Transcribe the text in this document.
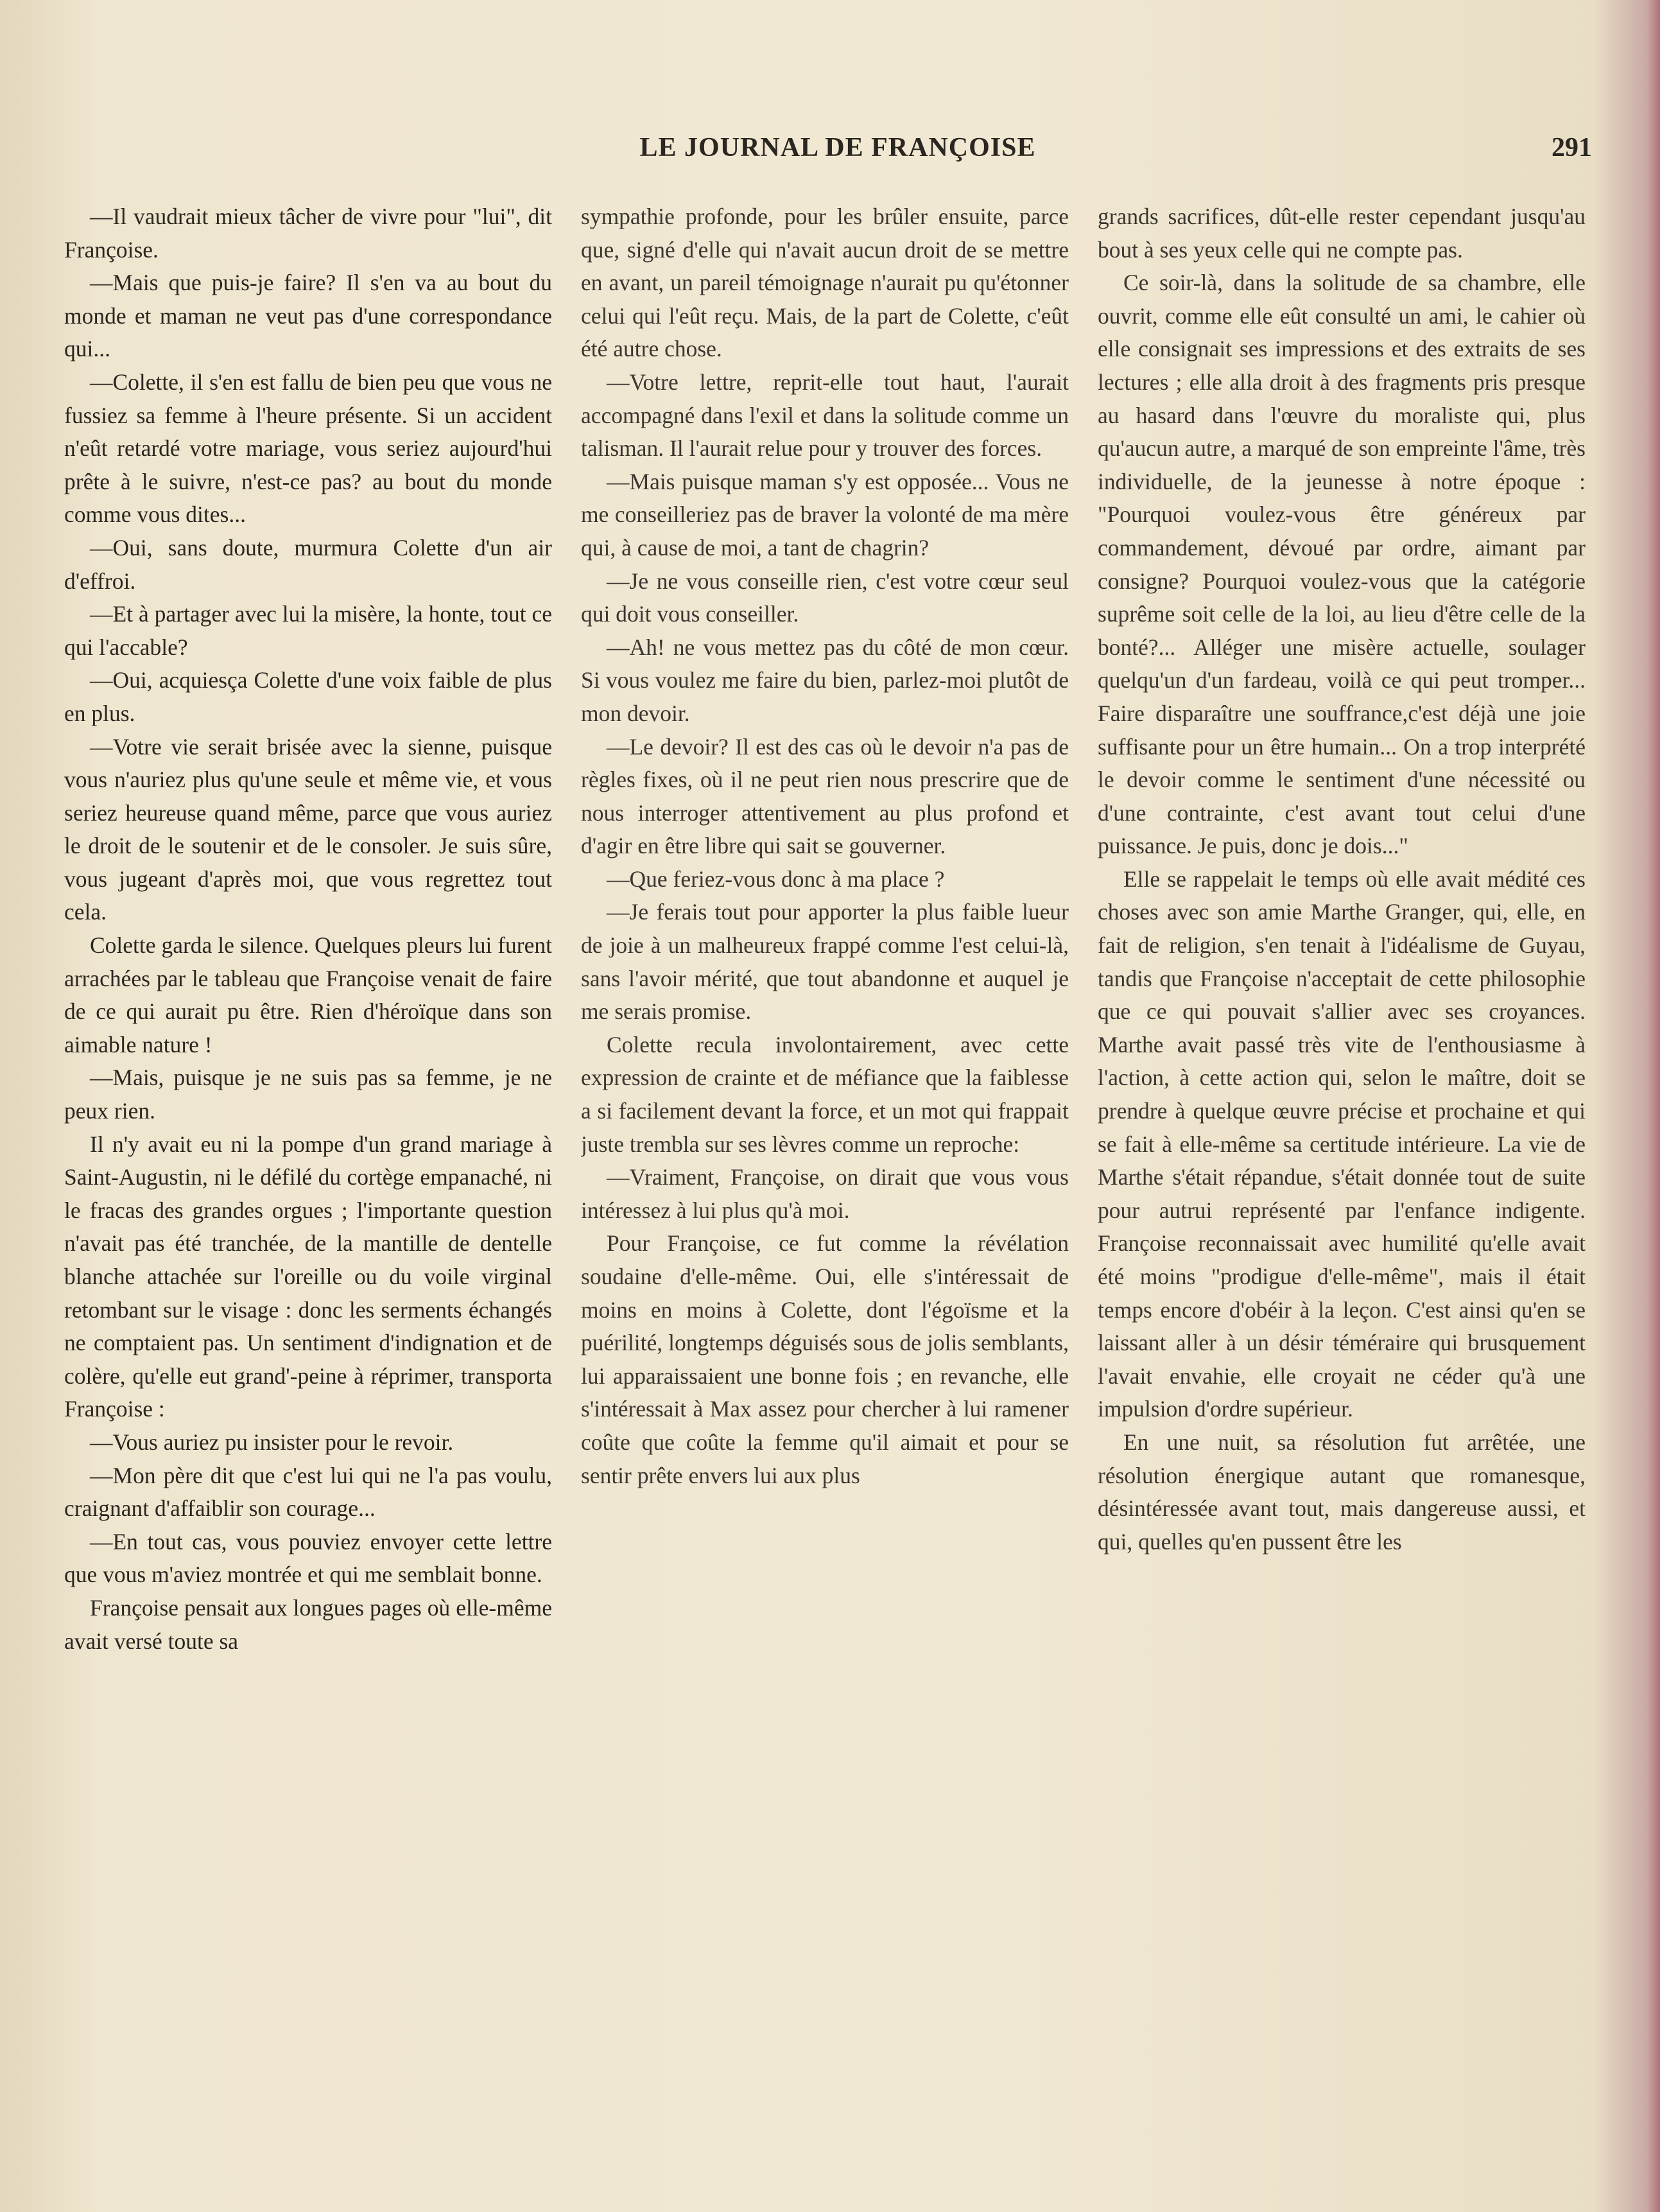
LE JOURNAL DE FRANÇOISE	291

—Il vaudrait mieux tâcher de vivre pour "lui", dit Françoise.

—Mais que puis-je faire? Il s'en va au bout du monde et maman ne veut pas d'une correspondance qui...

—Colette, il s'en est fallu de bien peu que vous ne fussiez sa femme à l'heure présente. Si un accident n'eût retardé votre mariage, vous seriez aujourd'hui prête à le suivre, n'est-ce pas? au bout du monde comme vous dites...

—Oui, sans doute, murmura Colette d'un air d'effroi.

—Et à partager avec lui la misère, la honte, tout ce qui l'accable?

—Oui, acquiesça Colette d'une voix faible de plus en plus.

—Votre vie serait brisée avec la sienne, puisque vous n'auriez plus qu'une seule et même vie, et vous seriez heureuse quand même, parce que vous auriez le droit de le soutenir et de le consoler. Je suis sûre, vous jugeant d'après moi, que vous regrettez tout cela.

Colette garda le silence. Quelques pleurs lui furent arrachées par le tableau que Françoise venait de faire de ce qui aurait pu être. Rien d'héroïque dans son aimable nature !

—Mais, puisque je ne suis pas sa femme, je ne peux rien.

Il n'y avait eu ni la pompe d'un grand mariage à Saint-Augustin, ni le défilé du cortège empanaché, ni le fracas des grandes orgues ; l'importante question n'avait pas été tranchée, de la mantille de dentelle blanche attachée sur l'oreille ou du voile virginal retombant sur le visage : donc les serments échangés ne comptaient pas. Un sentiment d'indignation et de colère, qu'elle eut grand'-peine à réprimer, transporta Françoise :

—Vous auriez pu insister pour le revoir.

—Mon père dit que c'est lui qui ne l'a pas voulu, craignant d'affaiblir son courage...

—En tout cas, vous pouviez envoyer cette lettre que vous m'aviez montrée et qui me semblait bonne.

Françoise pensait aux longues pages où elle-même avait versé toute sa

sympathie profonde, pour les brûler ensuite, parce que, signé d'elle qui n'avait aucun droit de se mettre en avant, un pareil témoignage n'aurait pu qu'étonner celui qui l'eût reçu. Mais, de la part de Colette, c'eût été autre chose.

—Votre lettre, reprit-elle tout haut, l'aurait accompagné dans l'exil et dans la solitude comme un talisman. Il l'aurait relue pour y trouver des forces.

—Mais puisque maman s'y est opposée... Vous ne me conseilleriez pas de braver la volonté de ma mère qui, à cause de moi, a tant de chagrin?

—Je ne vous conseille rien, c'est votre cœur seul qui doit vous conseiller.

—Ah! ne vous mettez pas du côté de mon cœur. Si vous voulez me faire du bien, parlez-moi plutôt de mon devoir.

—Le devoir? Il est des cas où le devoir n'a pas de règles fixes, où il ne peut rien nous prescrire que de nous interroger attentivement au plus profond et d'agir en être libre qui sait se gouverner.

—Que feriez-vous donc à ma place ?

—Je ferais tout pour apporter la plus faible lueur de joie à un malheureux frappé comme l'est celui-là, sans l'avoir mérité, que tout abandonne et auquel je me serais promise.

Colette recula involontairement, avec cette expression de crainte et de méfiance que la faiblesse a si facilement devant la force, et un mot qui frappait juste trembla sur ses lèvres comme un reproche:

—Vraiment, Françoise, on dirait que vous vous intéressez à lui plus qu'à moi.

Pour Françoise, ce fut comme la révélation soudaine d'elle-même. Oui, elle s'intéressait de moins en moins à Colette, dont l'égoïsme et la puérilité, longtemps déguisés sous de jolis semblants, lui apparaissaient une bonne fois ; en revanche, elle s'intéressait à Max assez pour chercher à lui ramener coûte que coûte la femme qu'il aimait et pour se sentir prête envers lui aux plus

grands sacrifices, dût-elle rester cependant jusqu'au bout à ses yeux celle qui ne compte pas.

Ce soir-là, dans la solitude de sa chambre, elle ouvrit, comme elle eût consulté un ami, le cahier où elle consignait ses impressions et des extraits de ses lectures ; elle alla droit à des fragments pris presque au hasard dans l'œuvre du moraliste qui, plus qu'aucun autre, a marqué de son empreinte l'âme, très individuelle, de la jeunesse à notre époque : "Pourquoi voulez-vous être généreux par commandement, dévoué par ordre, aimant par consigne? Pourquoi voulez-vous que la catégorie suprême soit celle de la loi, au lieu d'être celle de la bonté?... Alléger une misère actuelle, soulager quelqu'un d'un fardeau, voilà ce qui peut tromper... Faire disparaître une souffrance,c'est déjà une joie suffisante pour un être humain... On a trop interprété le devoir comme le sentiment d'une nécessité ou d'une contrainte, c'est avant tout celui d'une puissance. Je puis, donc je dois..."

Elle se rappelait le temps où elle avait médité ces choses avec son amie Marthe Granger, qui, elle, en fait de religion, s'en tenait à l'idéalisme de Guyau, tandis que Françoise n'acceptait de cette philosophie que ce qui pouvait s'allier avec ses croyances. Marthe avait passé très vite de l'enthousiasme à l'action, à cette action qui, selon le maître, doit se prendre à quelque œuvre précise et prochaine et qui se fait à elle-même sa certitude intérieure. La vie de Marthe s'était répandue, s'était donnée tout de suite pour autrui représenté par l'enfance indigente. Françoise reconnaissait avec humilité qu'elle avait été moins "prodigue d'elle-même", mais il était temps encore d'obéir à la leçon. C'est ainsi qu'en se laissant aller à un désir téméraire qui brusquement l'avait envahie, elle croyait ne céder qu'à une impulsion d'ordre supérieur.

En une nuit, sa résolution fut arrêtée, une résolution énergique autant que romanesque, désintéressée avant tout, mais dangereuse aussi, et qui, quelles qu'en pussent être les
